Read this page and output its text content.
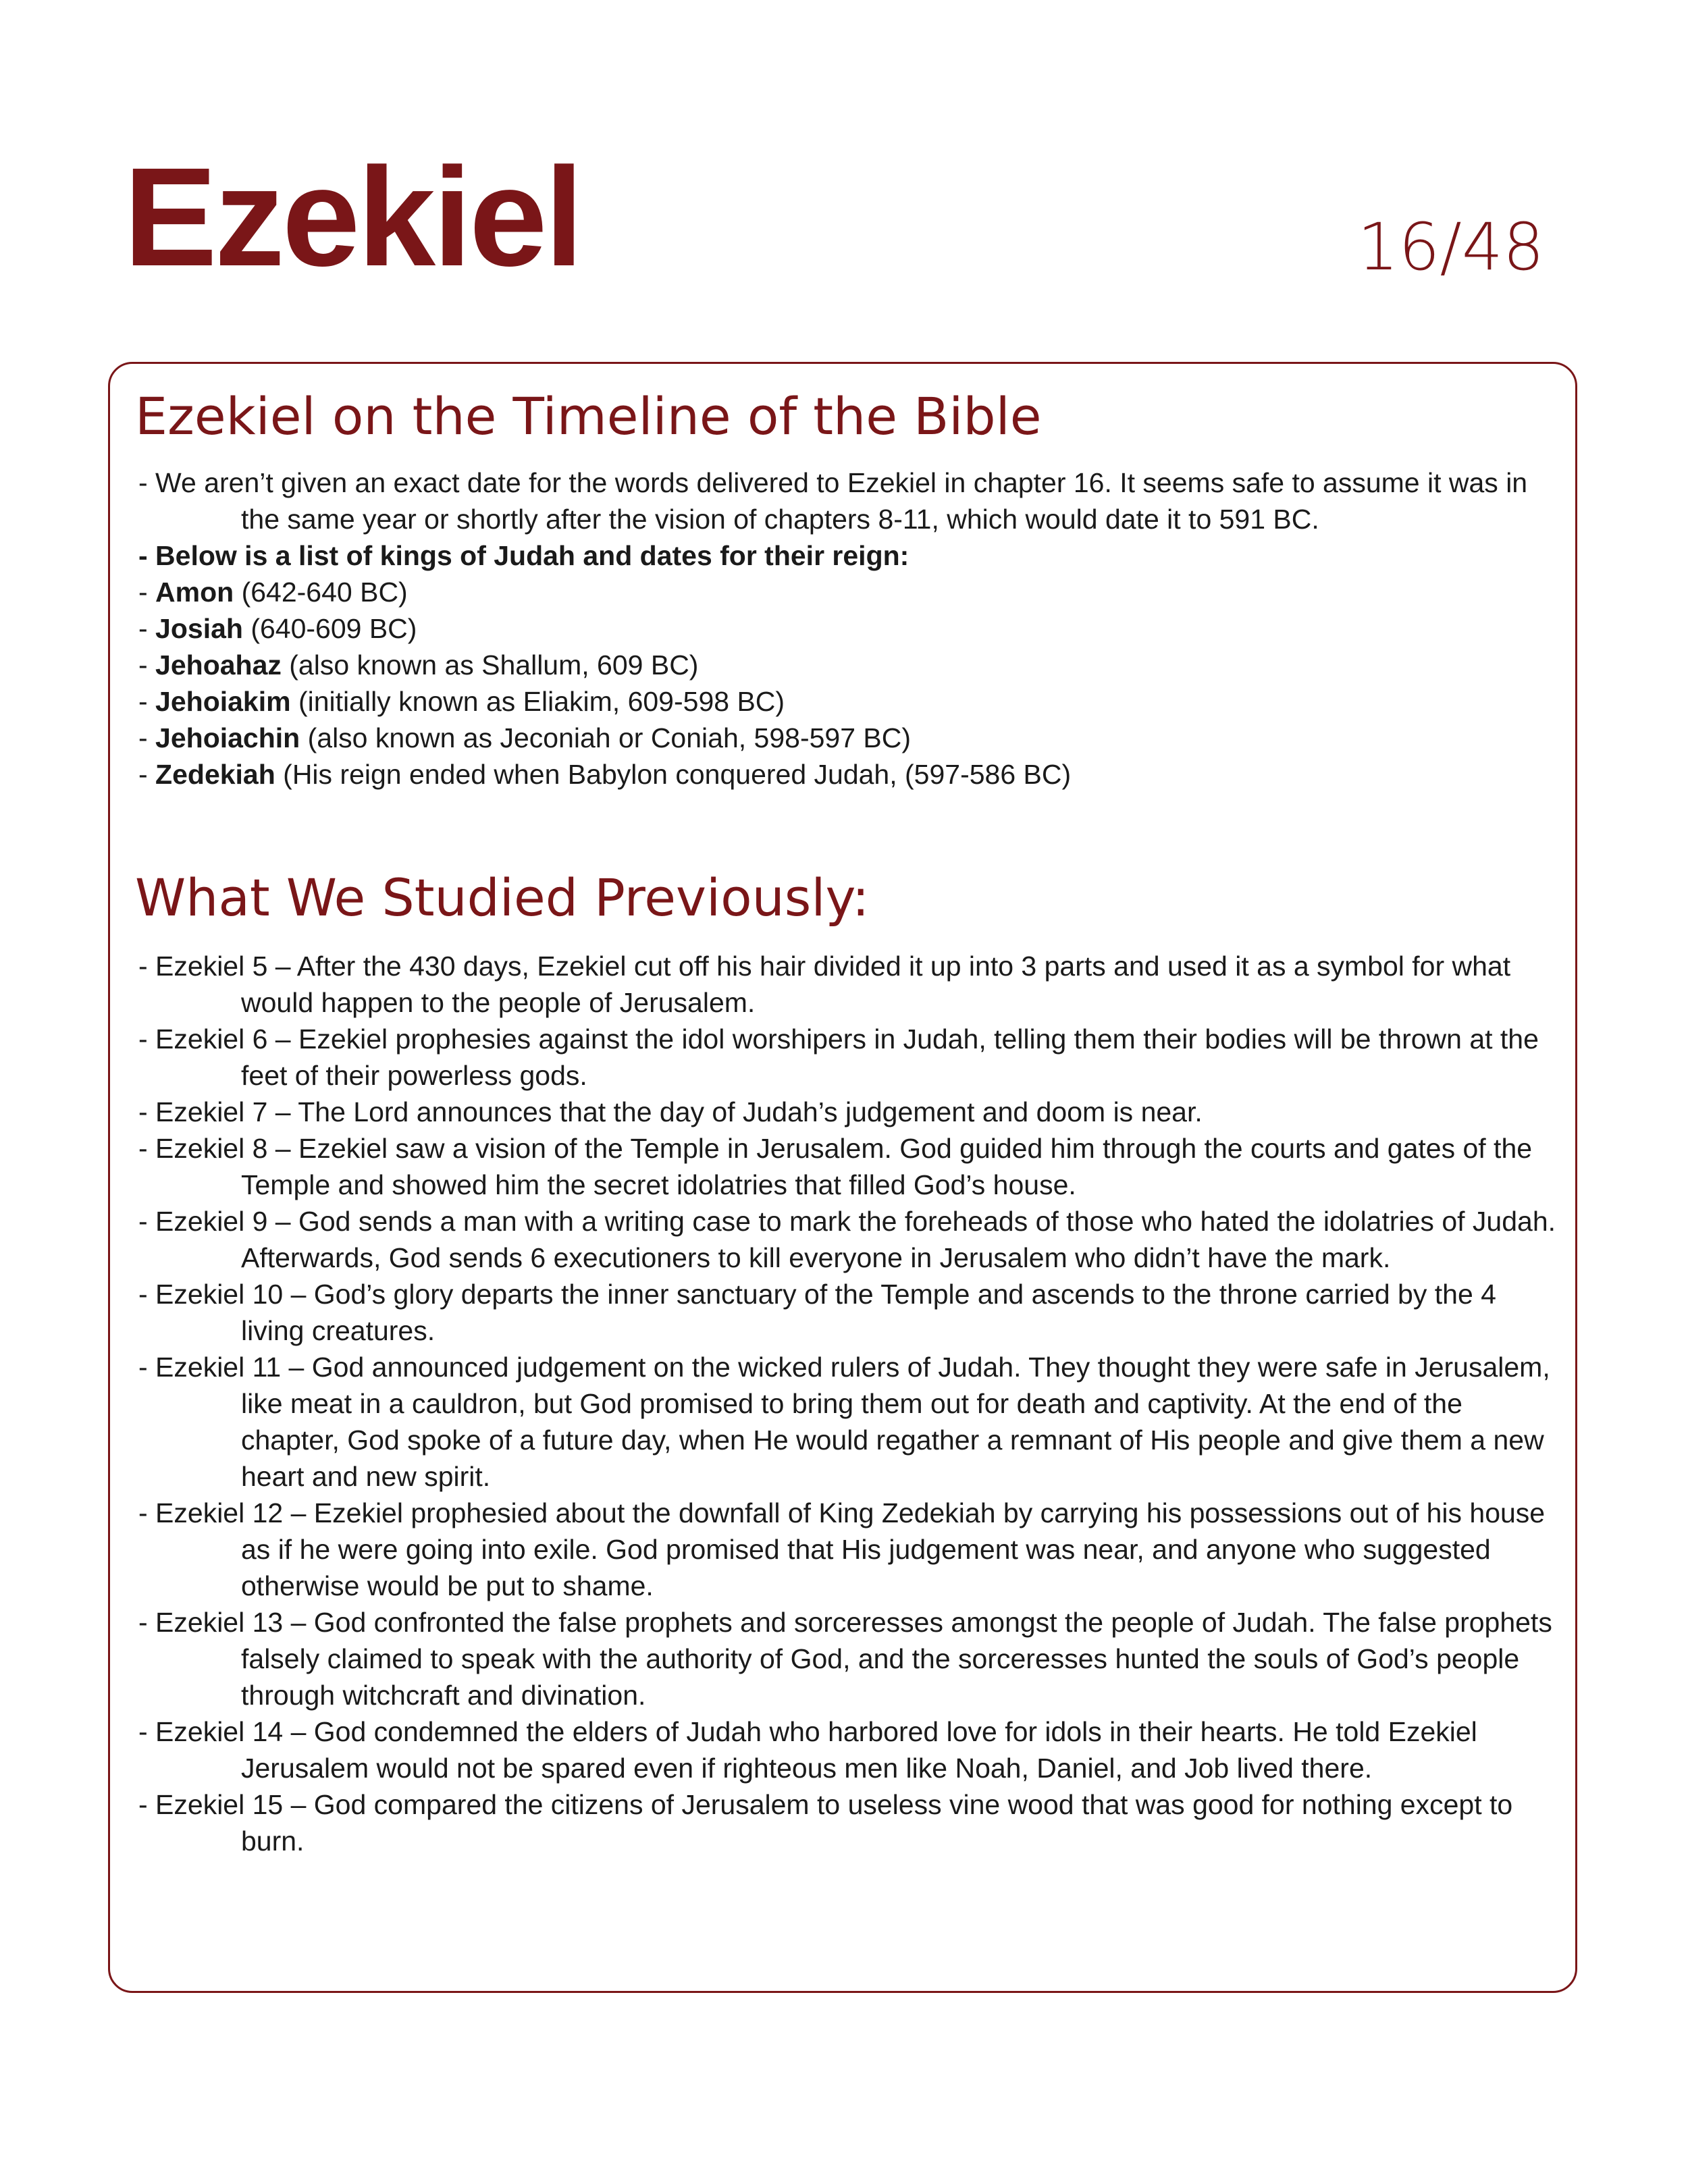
Ezekiel	16/48
Ezekiel on the Timeline of the Bible
- We aren’t given an exact date for the words delivered to Ezekiel in chapter 16. It seems safe to assume it was in the same year or shortly after the vision of chapters 8-11, which would date it to 591 BC.
- Below is a list of kings of Judah and dates for their reign:
- Amon (642-640 BC)
- Josiah (640-609 BC)
- Jehoahaz (also known as Shallum, 609 BC)
- Jehoiakim (initially known as Eliakim, 609-598 BC)
- Jehoiachin (also known as Jeconiah or Coniah, 598-597 BC)
- Zedekiah (His reign ended when Babylon conquered Judah, (597-586 BC)
What We Studied Previously:
- Ezekiel 5 – After the 430 days, Ezekiel cut off his hair divided it up into 3 parts and used it as a symbol for what would happen to the people of Jerusalem.
- Ezekiel 6 – Ezekiel prophesies against the idol worshipers in Judah, telling them their bodies will be thrown at the feet of their powerless gods.
- Ezekiel 7 – The Lord announces that the day of Judah’s judgement and doom is near.
- Ezekiel 8 – Ezekiel saw a vision of the Temple in Jerusalem. God guided him through the courts and gates of the Temple and showed him the secret idolatries that filled God’s house.
- Ezekiel 9 – God sends a man with a writing case to mark the foreheads of those who hated the idolatries of Judah. Afterwards, God sends 6 executioners to kill everyone in Jerusalem who didn’t have the mark.
- Ezekiel 10 – God’s glory departs the inner sanctuary of the Temple and ascends to the throne carried by the 4 living creatures.
- Ezekiel 11 – God announced judgement on the wicked rulers of Judah. They thought they were safe in Jerusalem, like meat in a cauldron, but God promised to bring them out for death and captivity. At the end of the chapter, God spoke of a future day, when He would regather a remnant of His people and give them a new heart and new spirit.
- Ezekiel 12 – Ezekiel prophesied about the downfall of King Zedekiah by carrying his possessions out of his house as if he were going into exile. God promised that His judgement was near, and anyone who suggested otherwise would be put to shame.
- Ezekiel 13 – God confronted the false prophets and sorceresses amongst the people of Judah. The false prophets falsely claimed to speak with the authority of God, and the sorceresses hunted the souls of God’s people through witchcraft and divination.
- Ezekiel 14 – God condemned the elders of Judah who harbored love for idols in their hearts. He told Ezekiel Jerusalem would not be spared even if righteous men like Noah, Daniel, and Job lived there.
- Ezekiel 15 – God compared the citizens of Jerusalem to useless vine wood that was good for nothing except to burn.
